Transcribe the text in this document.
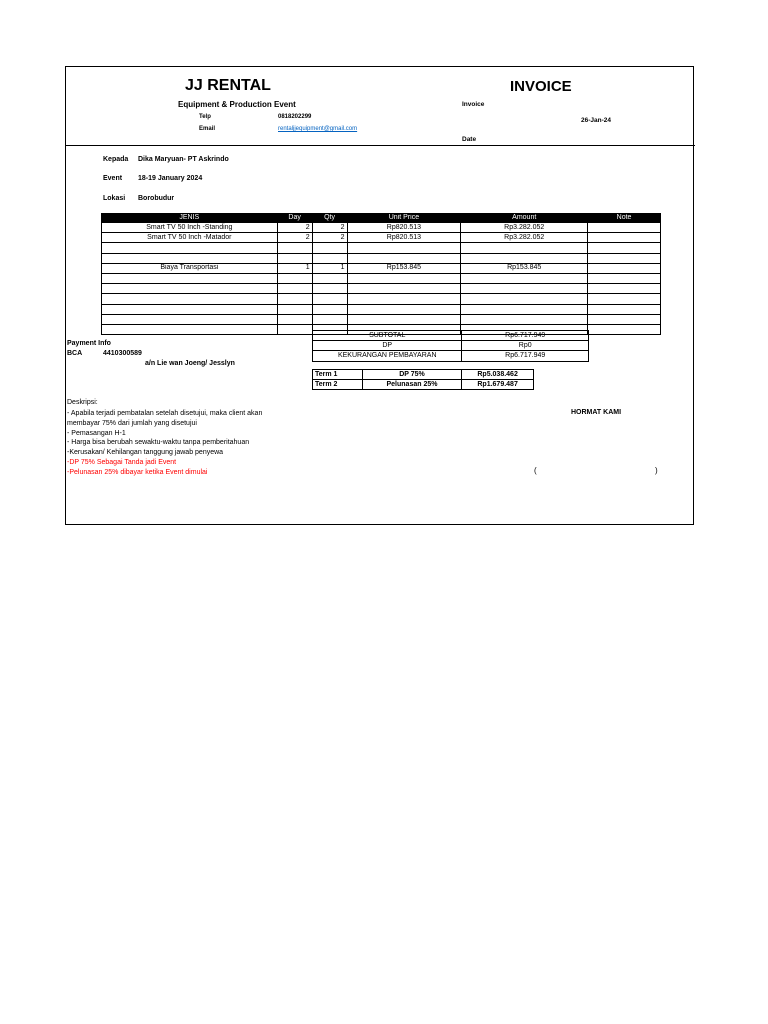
JJ RENTAL
Equipment & Production Event
Telp	0818202299
Email	rentaljjequipment@gmail.com
INVOICE
Invoice
26-Jan-24
Date
Kepada Dika Maryuan- PT Askrindo
Event 18-19 January 2024
Lokasi Borobudur
JENIS	Day	Qty	Unit Price	Amount	Note
Smart TV 50 Inch -Standing	2	2	Rp820.513	Rp3.282.052	
Smart TV 50 Inch -Matador	2	2	Rp820.513	Rp3.282.052	

Biaya Transportasi	1	1	Rp153.845	Rp153.845	

SUBTOTAL	Rp6.717.949
DP	Rp0
KEKURANGAN PEMBAYARAN	Rp6.717.949
Payment Info
BCA	4410300589
a/n Lie wan Joeng/ Jesslyn
Term 1	DP 75%	Rp5.038.462
Term 2	Pelunasan 25%	Rp1.679.487
Deskripsi:
- Apabila terjadi pembatalan setelah disetujui, maka client akan
membayar 75% dari jumlah yang disetujui
- Pemasangan H-1
- Harga bisa berubah sewaktu-waktu tanpa pemberitahuan
-Kerusakan/ Kehilangan tanggung jawab penyewa
-DP 75% Sebagai Tanda jadi Event
-Pelunasan 25% dibayar ketika Event dimulai
HORMAT KAMI
(	)
